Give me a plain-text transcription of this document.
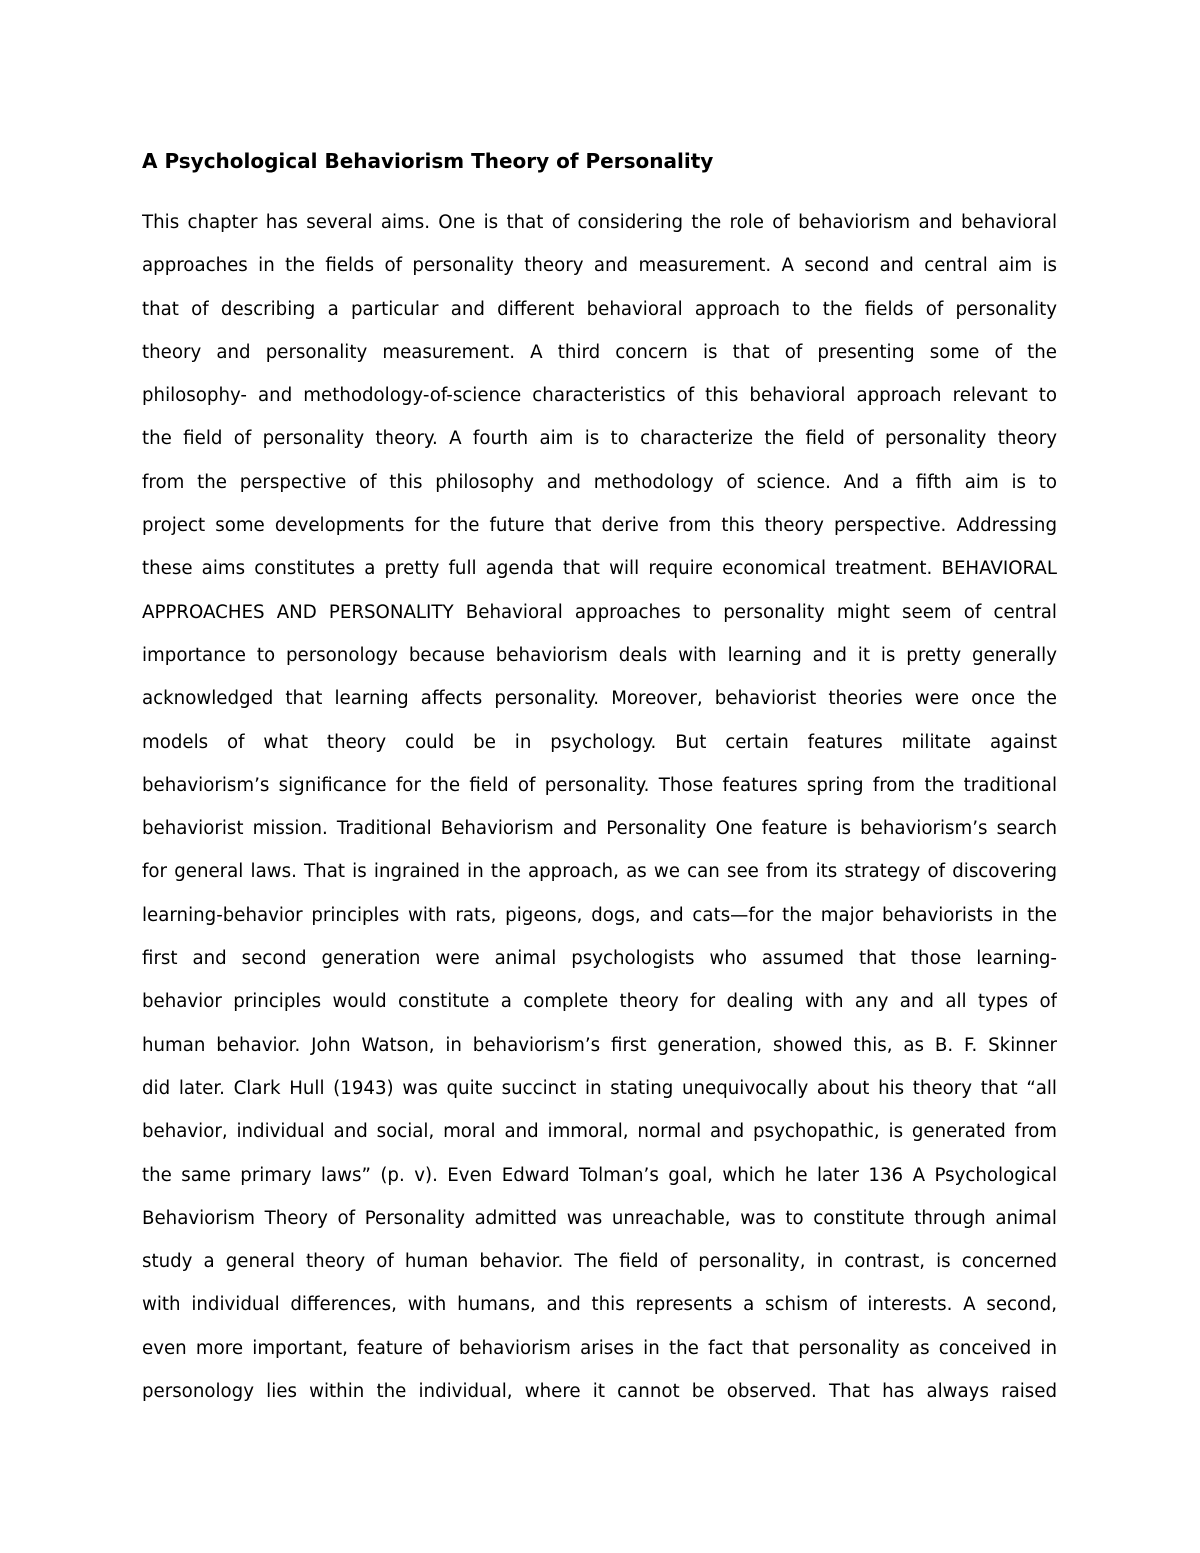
A Psychological Behaviorism Theory of Personality
This chapter has several aims. One is that of considering the role of behaviorism and behavioral
approaches in the fields of personality theory and measurement. A second and central aim is
that of describing a particular and different behavioral approach to the fields of personality
theory and personality measurement. A third concern is that of presenting some of the
philosophy- and methodology-of-science characteristics of this behavioral approach relevant to
the field of personality theory. A fourth aim is to characterize the field of personality theory
from the perspective of this philosophy and methodology of science. And a fifth aim is to
project some developments for the future that derive from this theory perspective. Addressing
these aims constitutes a pretty full agenda that will require economical treatment. BEHAVIORAL
APPROACHES AND PERSONALITY Behavioral approaches to personality might seem of central
importance to personology because behaviorism deals with learning and it is pretty generally
acknowledged that learning affects personality. Moreover, behaviorist theories were once the
models of what theory could be in psychology. But certain features militate against
behaviorism’s significance for the field of personality. Those features spring from the traditional
behaviorist mission. Traditional Behaviorism and Personality One feature is behaviorism’s search
for general laws. That is ingrained in the approach, as we can see from its strategy of discovering
learning-behavior principles with rats, pigeons, dogs, and cats—for the major behaviorists in the
first and second generation were animal psychologists who assumed that those learning-
behavior principles would constitute a complete theory for dealing with any and all types of
human behavior. John Watson, in behaviorism’s first generation, showed this, as B. F. Skinner
did later. Clark Hull (1943) was quite succinct in stating unequivocally about his theory that “all
behavior, individual and social, moral and immoral, normal and psychopathic, is generated from
the same primary laws” (p. v). Even Edward Tolman’s goal, which he later 136 A Psychological
Behaviorism Theory of Personality admitted was unreachable, was to constitute through animal
study a general theory of human behavior. The field of personality, in contrast, is concerned
with individual differences, with humans, and this represents a schism of interests. A second,
even more important, feature of behaviorism arises in the fact that personality as conceived in
personology lies within the individual, where it cannot be observed. That has always raised
